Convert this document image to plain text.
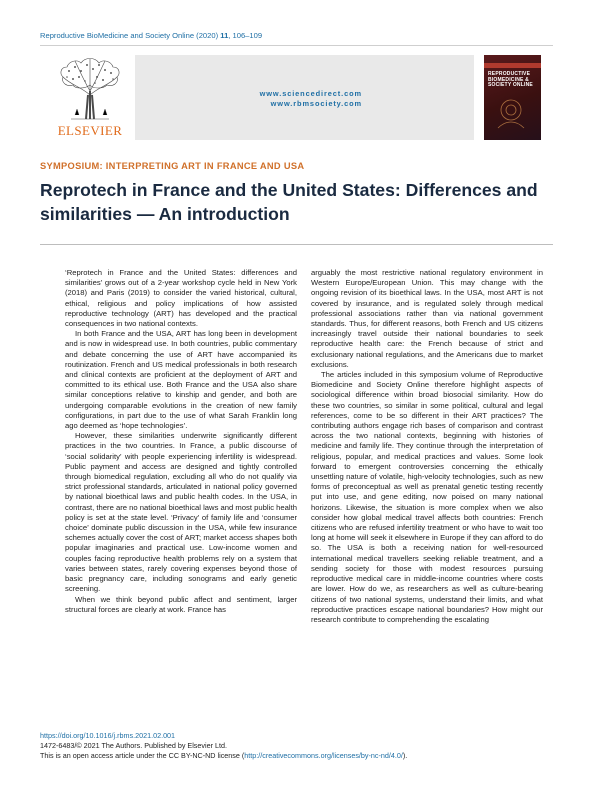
Reproductive BioMedicine and Society Online (2020) 11, 106–109
ELSEVIER
www.sciencedirect.com
www.rbmsociety.com
REPRODUCTIVE BIOMEDICINE & SOCIETY ONLINE
SYMPOSIUM: INTERPRETING ART IN FRANCE AND USA
Reprotech in France and the United States: Differences and similarities — An introduction

‘Reprotech in France and the United States: differences and similarities’ grows out of a 2-year workshop cycle held in New York (2018) and Paris (2019) to consider the varied historical, cultural, ethical, religious and policy implications of how assisted reproductive technology (ART) has developed and the practical consequences in two national contexts.

In both France and the USA, ART has long been in development and is now in widespread use. In both countries, public commentary and debate concerning the use of ART have accompanied its routinization. French and US medical professionals in both research and clinical contexts are proficient at the deployment of ART and committed to its ethical use. Both France and the USA also share similar conceptions relative to kinship and gender, and both are undergoing comparable evolutions in the creation of new family configurations, in part due to the use of what Sarah Franklin long ago deemed as ‘hope technologies’.

However, these similarities underwrite significantly different practices in the two countries. In France, a public discourse of ‘social solidarity’ with people experiencing infertility is widespread. Public payment and access are designed and tightly controlled through biomedical regulation, excluding all who do not qualify via strict professional standards, articulated in national policy governed by national bioethical laws and public health codes. In the USA, in contrast, there are no national bioethical laws and most public health policy is set at the state level. ‘Privacy’ of family life and ‘consumer choice’ dominate public discussion in the USA, while few insurance schemes actually cover the cost of ART; market access shapes both popular imaginaries and practical use. Low-income women and couples facing reproductive health problems rely on a system that varies between states, rarely covering expenses beyond those of basic pregnancy care, including sonograms and early genetic screening.

When we think beyond public affect and sentiment, larger structural forces are clearly at work. France has

arguably the most restrictive national regulatory environment in Western Europe/European Union. This may change with the ongoing revision of its bioethical laws. In the USA, most ART is not covered by insurance, and is regulated solely through medical professional associations rather than via national government standards. Thus, for different reasons, both French and US citizens increasingly travel outside their national boundaries to seek reproductive health care: the French because of strict and exclusionary national regulations, and the Americans due to market exclusions.

The articles included in this symposium volume of Reproductive Biomedicine and Society Online therefore highlight aspects of sociological difference within broad biosocial similarity. How do these two countries, so similar in some political, cultural and legal references, come to be so different in their ART practices? The contributing authors engage rich bases of comparison and contrast across the two national contexts, beginning with histories of medicine and family life. They continue through the interpretation of religious, popular, and medical practices and values. Some look forward to emergent controversies concerning the ethically unsettling nature of volatile, high-velocity technologies, such as new forms of preconceptual as well as prenatal genetic testing recently put into use, and gene editing, now poised on many national horizons. Likewise, the situation is more complex when we also consider how global medical travel affects both countries: French citizens who are refused infertility treatment or who have to wait too long at home will seek it elsewhere in Europe if they can afford to do so. The USA is both a receiving nation for well-resourced international medical travellers seeking reliable treatment, and a sending society for those with modest resources pursuing reproductive medical care in middle-income countries where costs are lower. How do we, as researchers as well as culture-bearing citizens of two national systems, understand their limits, and what reproductive practices escape national boundaries? How might our research contribute to comprehending the escalating

https://doi.org/10.1016/j.rbms.2021.02.001
1472-6483/© 2021 The Authors. Published by Elsevier Ltd.
This is an open access article under the CC BY-NC-ND license (http://creativecommons.org/licenses/by-nc-nd/4.0/).
